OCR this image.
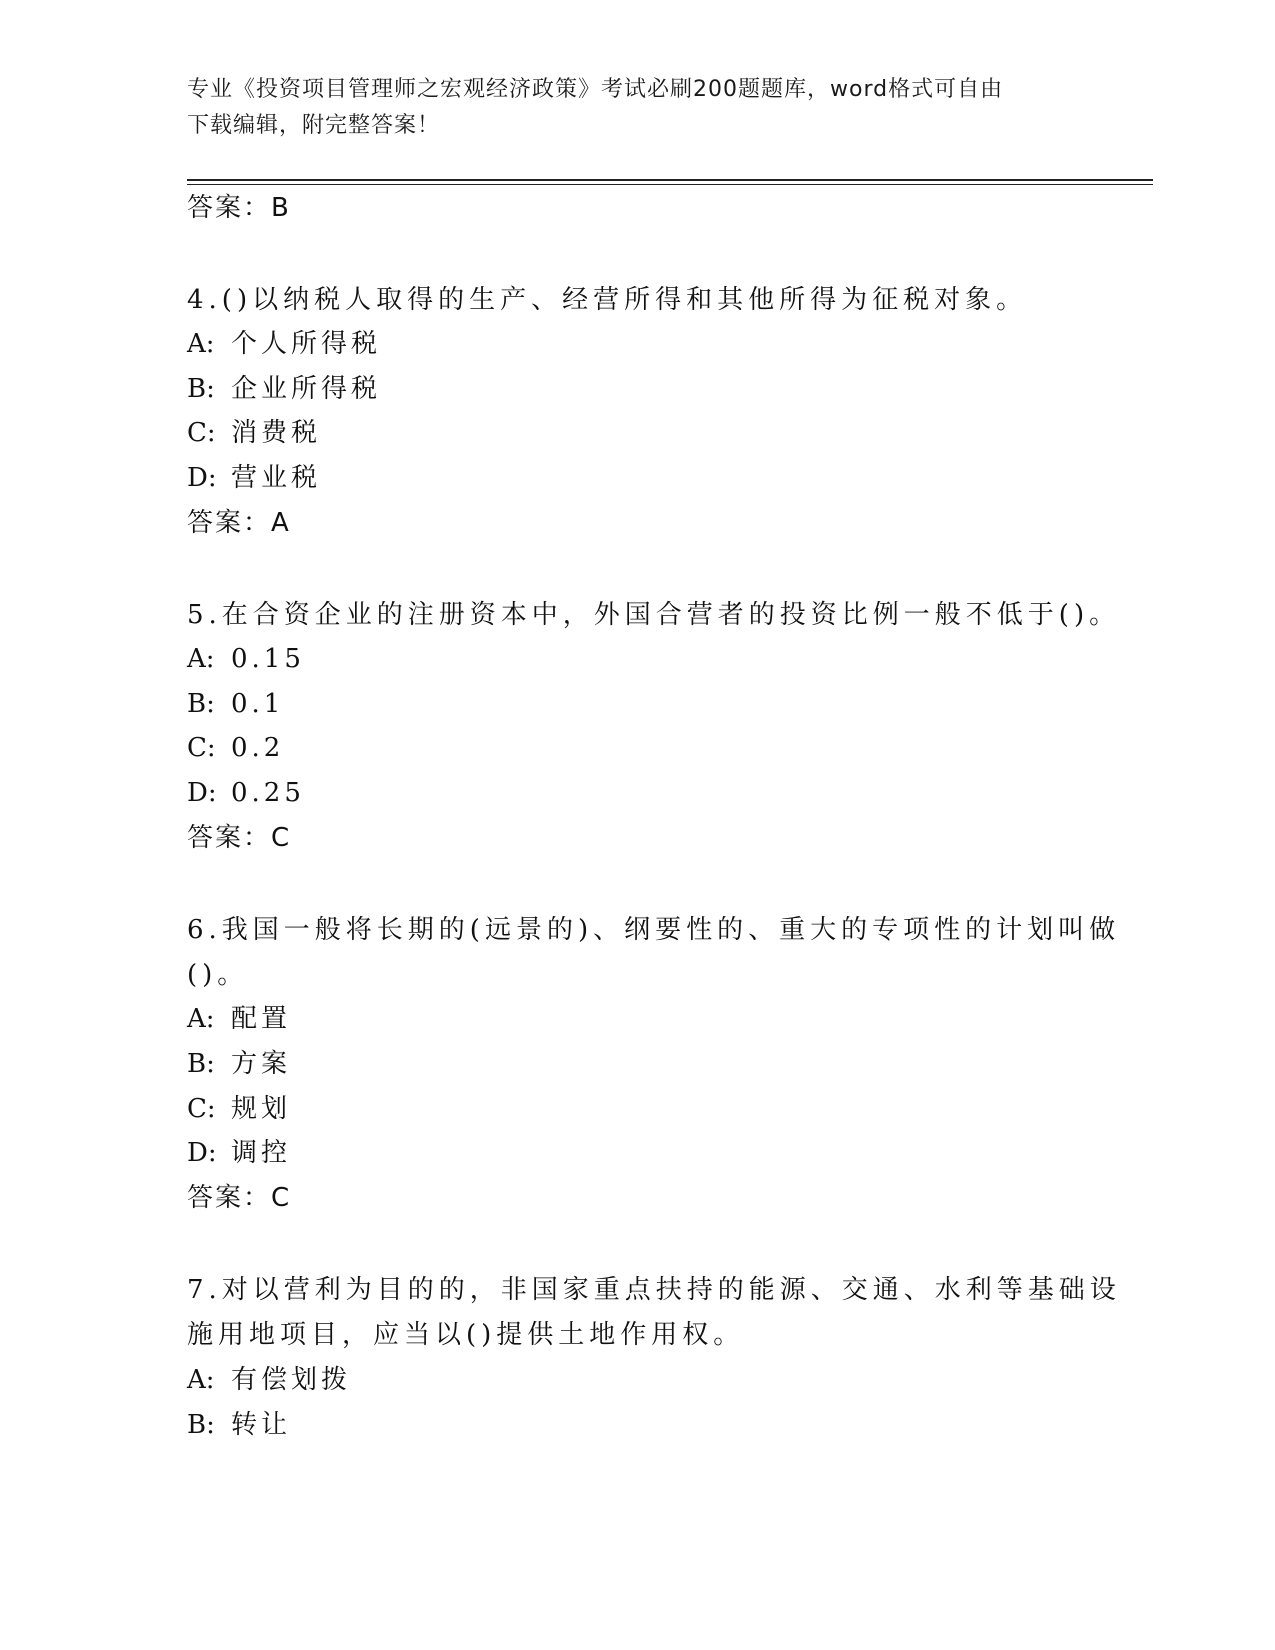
专业《投资项目管理师之宏观经济政策》考试必刷200题题库，word格式可自由
下载编辑，附完整答案！
答案：B
4.()以纳税人取得的生产、经营所得和其他所得为征税对象。
A: 个人所得税
B: 企业所得税
C: 消费税
D: 营业税
答案：A
5.在合资企业的注册资本中，外国合营者的投资比例一般不低于()。
A: 0.15
B: 0.1
C: 0.2
D: 0.25
答案：C
6.我国一般将长期的(远景的)、纲要性的、重大的专项性的计划叫做
()。
A: 配置
B: 方案
C: 规划
D: 调控
答案：C
7.对以营利为目的的，非国家重点扶持的能源、交通、水利等基础设
施用地项目，应当以()提供土地作用权。
A: 有偿划拨
B: 转让
